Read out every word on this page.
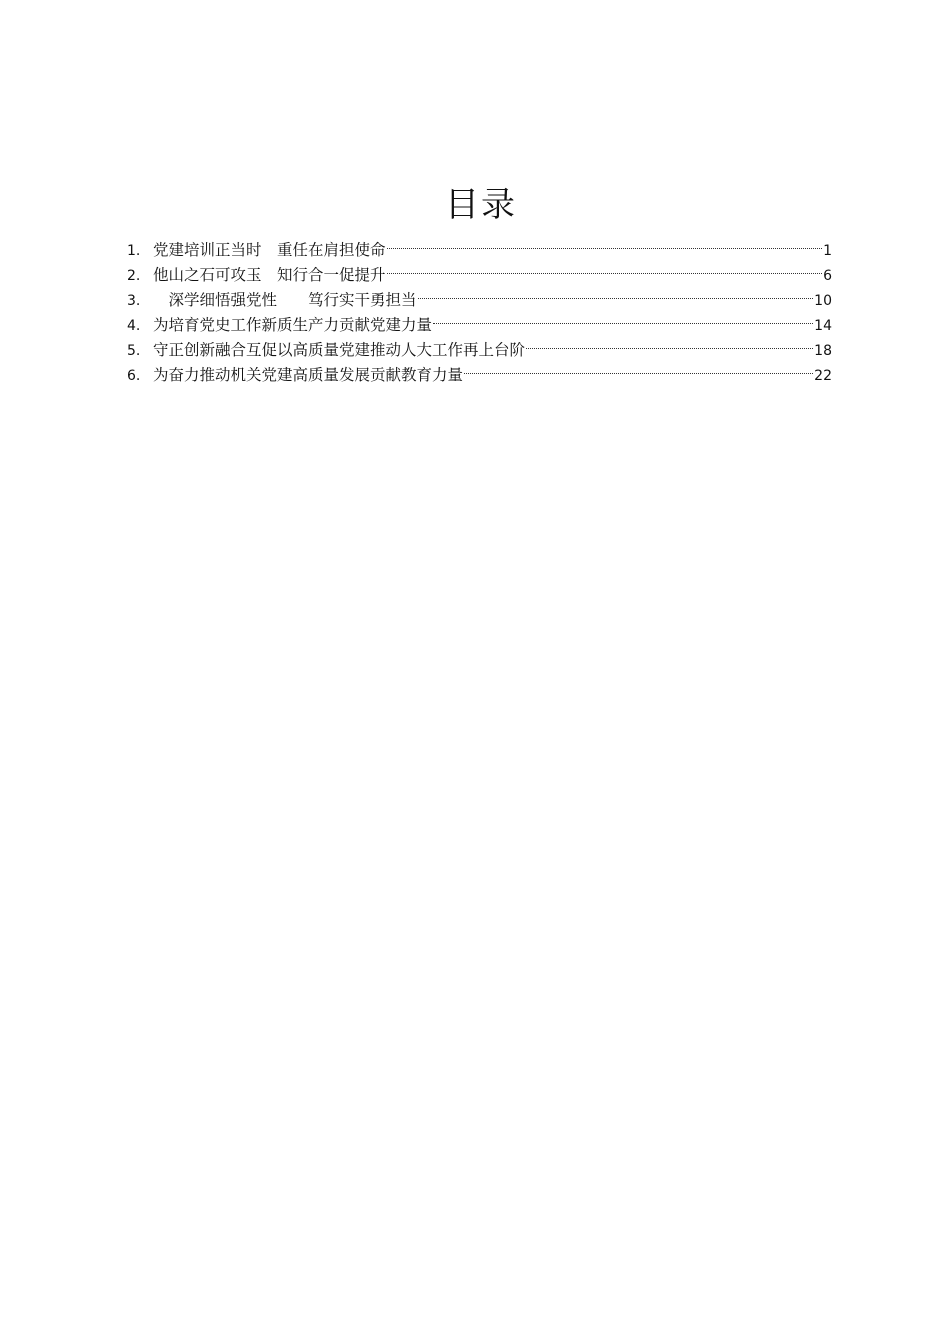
目录
1. 党建培训正当时　重任在肩担使命	1
2. 他山之石可攻玉　知行合一促提升	6
3. 　深学细悟强党性　　笃行实干勇担当	10
4. 为培育党史工作新质生产力贡献党建力量	14
5. 守正创新融合互促以高质量党建推动人大工作再上台阶	18
6. 为奋力推动机关党建高质量发展贡献教育力量	22
